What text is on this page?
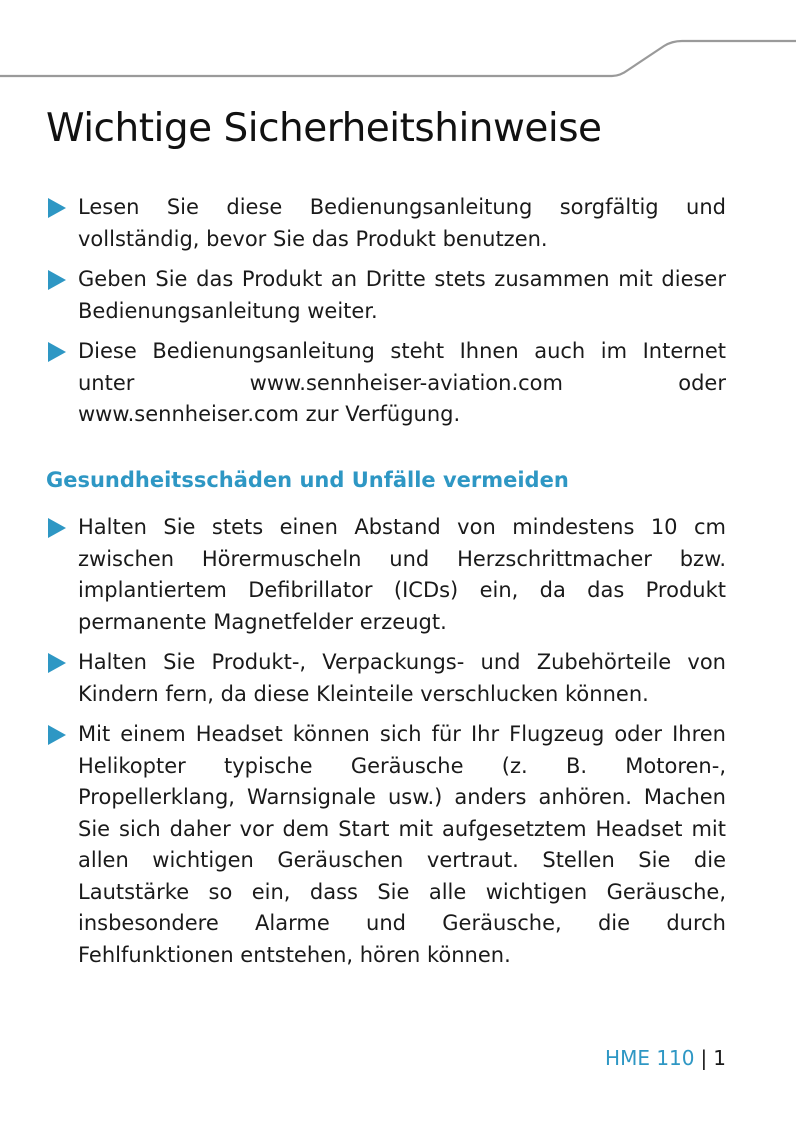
Wichtige Sicherheitshinweise
Lesen Sie diese Bedienungsanleitung sorgfältig und vollständig, bevor Sie das Produkt benutzen.
Geben Sie das Produkt an Dritte stets zusammen mit dieser Bedienungsanleitung weiter.
Diese Bedienungsanleitung steht Ihnen auch im Internet unter www.sennheiser-aviation.com oder www.sennheiser.com zur Verfügung.
Gesundheitsschäden und Unfälle vermeiden
Halten Sie stets einen Abstand von mindestens 10 cm zwischen Hörermuscheln und Herzschrittmacher bzw. implantiertem Defibrillator (ICDs) ein, da das Produkt permanente Magnetfelder erzeugt.
Halten Sie Produkt-, Verpackungs- und Zubehörteile von Kindern fern, da diese Kleinteile verschlucken können.
Mit einem Headset können sich für Ihr Flugzeug oder Ihren Helikopter typische Geräusche (z. B. Motoren-, Propellerklang, Warnsignale usw.) anders anhören. Machen Sie sich daher vor dem Start mit aufgesetztem Headset mit allen wichtigen Geräuschen vertraut. Stellen Sie die Lautstärke so ein, dass Sie alle wichtigen Geräusche, insbesondere Alarme und Geräusche, die durch Fehlfunktionen entstehen, hören können.
HME 110 | 1
